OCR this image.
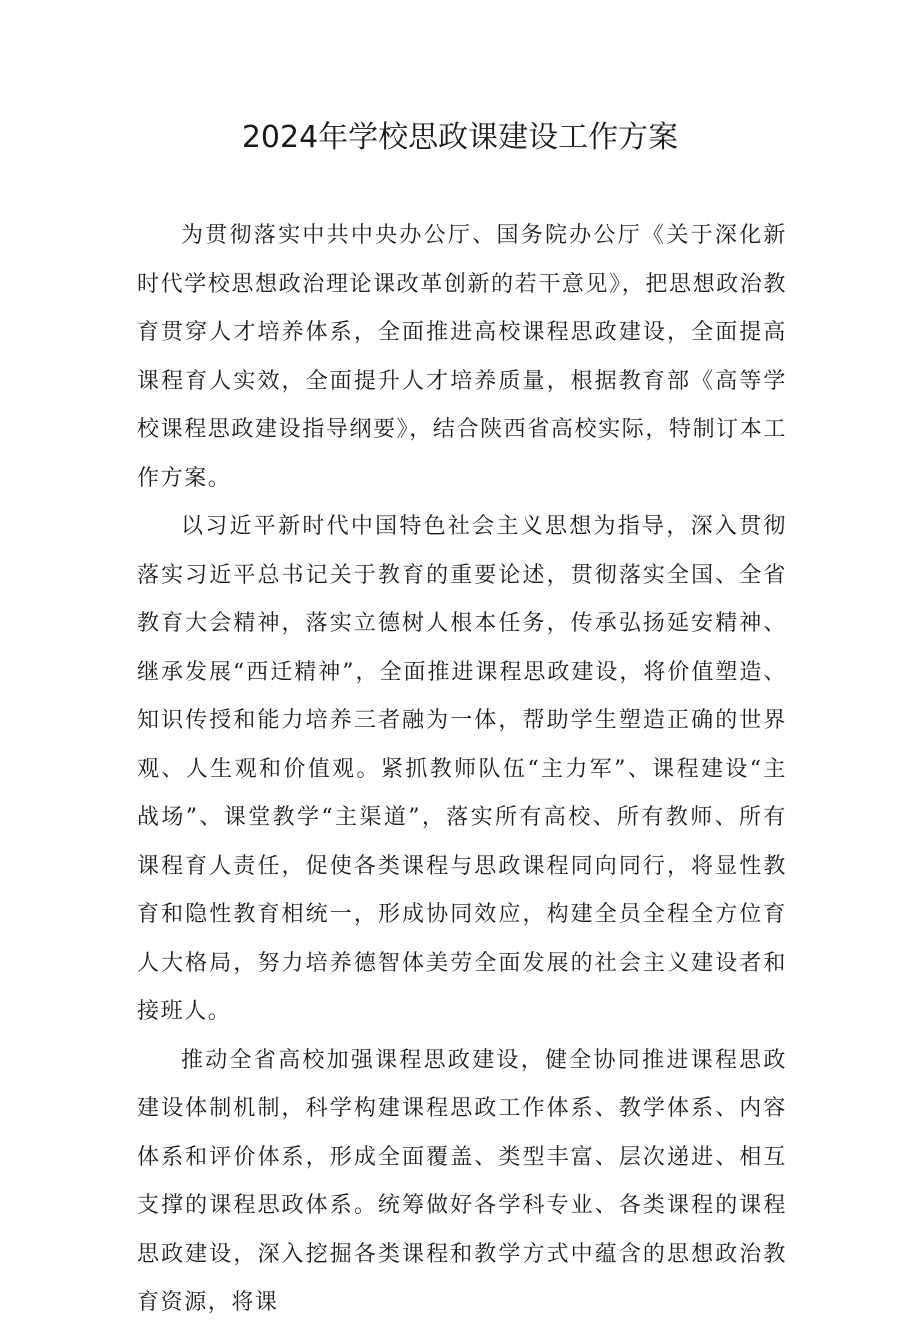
2024年学校思政课建设工作方案

为贯彻落实中共中央办公厅、国务院办公厅《关于深化新时代学校思想政治理论课改革创新的若干意见》，把思想政治教育贯穿人才培养体系，全面推进高校课程思政建设，全面提高课程育人实效，全面提升人才培养质量，根据教育部《高等学校课程思政建设指导纲要》，结合陕西省高校实际，特制订本工作方案。

以习近平新时代中国特色社会主义思想为指导，深入贯彻落实习近平总书记关于教育的重要论述，贯彻落实全国、全省教育大会精神，落实立德树人根本任务，传承弘扬延安精神、继承发展“西迁精神”，全面推进课程思政建设，将价值塑造、知识传授和能力培养三者融为一体，帮助学生塑造正确的世界观、人生观和价值观。紧抓教师队伍“主力军”、课程建设“主战场”、课堂教学“主渠道”，落实所有高校、所有教师、所有课程育人责任，促使各类课程与思政课程同向同行，将显性教育和隐性教育相统一，形成协同效应，构建全员全程全方位育人大格局，努力培养德智体美劳全面发展的社会主义建设者和接班人。

推动全省高校加强课程思政建设，健全协同推进课程思政建设体制机制，科学构建课程思政工作体系、教学体系、内容体系和评价体系，形成全面覆盖、类型丰富、层次递进、相互支撑的课程思政体系。统筹做好各学科专业、各类课程的课程思政建设，深入挖掘各类课程和教学方式中蕴含的思想政治教育资源，将课
